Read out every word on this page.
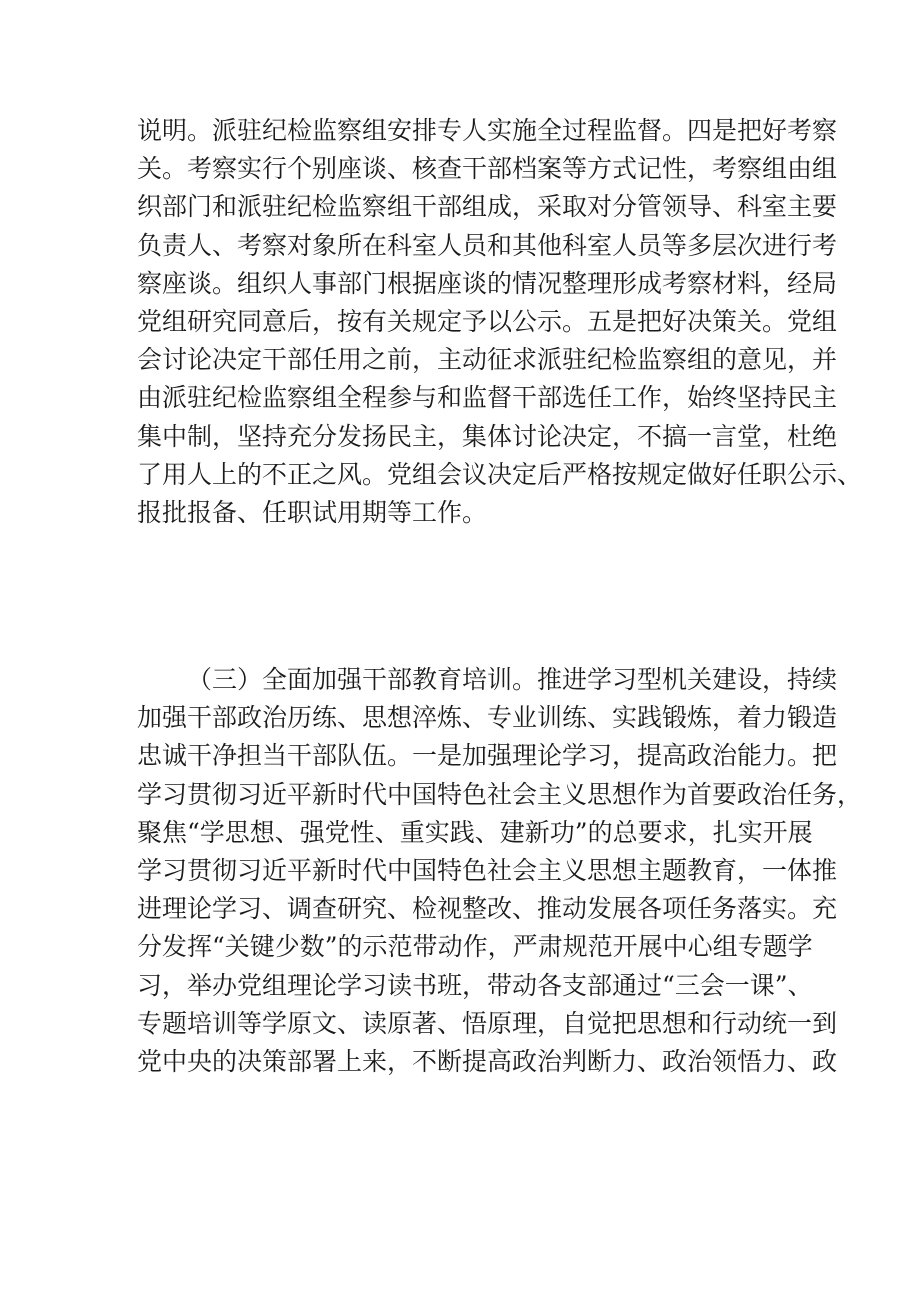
说明。派驻纪检监察组安排专人实施全过程监督。四是把好考察
关。考察实行个别座谈、核查干部档案等方式记性，考察组由组
织部门和派驻纪检监察组干部组成，采取对分管领导、科室主要
负责人、考察对象所在科室人员和其他科室人员等多层次进行考
察座谈。组织人事部门根据座谈的情况整理形成考察材料，经局
党组研究同意后，按有关规定予以公示。五是把好决策关。党组
会讨论决定干部任用之前，主动征求派驻纪检监察组的意见，并
由派驻纪检监察组全程参与和监督干部选任工作，始终坚持民主
集中制，坚持充分发扬民主，集体讨论决定，不搞一言堂，杜绝
了用人上的不正之风。党组会议决定后严格按规定做好任职公示、
报批报备、任职试用期等工作。
（三）全面加强干部教育培训。推进学习型机关建设，持续
加强干部政治历练、思想淬炼、专业训练、实践锻炼，着力锻造
忠诚干净担当干部队伍。一是加强理论学习，提高政治能力。把
学习贯彻习近平新时代中国特色社会主义思想作为首要政治任务，
聚焦“学思想、强党性、重实践、建新功”的总要求，扎实开展
学习贯彻习近平新时代中国特色社会主义思想主题教育，一体推
进理论学习、调查研究、检视整改、推动发展各项任务落实。充
分发挥“关键少数”的示范带动作，严肃规范开展中心组专题学
习，举办党组理论学习读书班，带动各支部通过“三会一课”、
专题培训等学原文、读原著、悟原理，自觉把思想和行动统一到
党中央的决策部署上来，不断提高政治判断力、政治领悟力、政
